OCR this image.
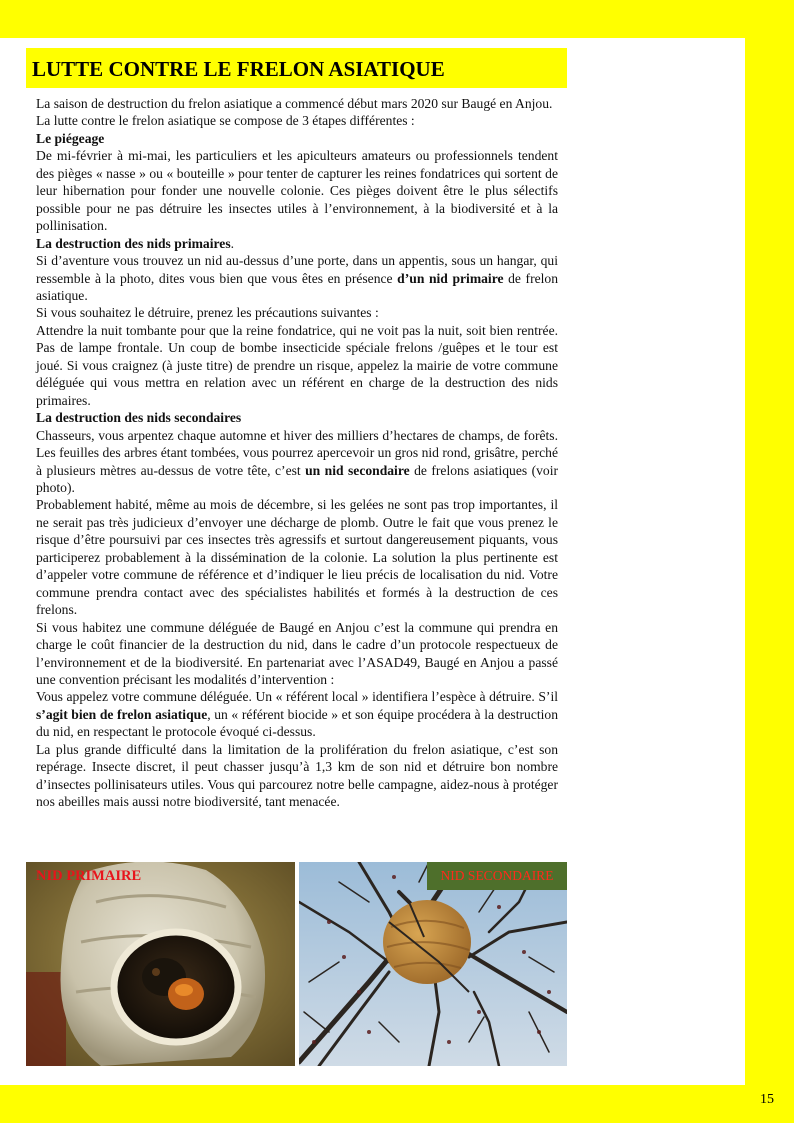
LUTTE CONTRE LE FRELON ASIATIQUE

La saison de destruction du frelon asiatique a commencé début mars 2020 sur Baugé en Anjou.

La lutte contre le frelon asiatique se compose de 3 étapes différentes :

Le piégeage

De mi-février à mi-mai, les particuliers et les apiculteurs amateurs ou professionnels tendent des pièges « nasse » ou « bouteille » pour tenter de capturer les reines fondatrices qui sortent de leur hibernation pour fonder une nouvelle colonie. Ces pièges doivent être le plus sélectifs possible pour ne pas détruire les insectes utiles à l’environnement, à la biodiversité et à la pollinisation.

La destruction des nids primaires.

Si d’aventure vous trouvez un nid au-dessus d’une porte, dans un appentis, sous un hangar, qui ressemble à la photo, dites vous bien que vous êtes en présence d’un nid primaire de frelon asiatique.

Si vous souhaitez le détruire, prenez les précautions suivantes :

Attendre la nuit tombante pour que la reine fondatrice, qui ne voit pas la nuit, soit bien rentrée. Pas de lampe frontale. Un coup de bombe insecticide spéciale frelons /guêpes et le tour est joué. Si vous craignez (à juste titre) de prendre un risque, appelez la mairie de votre commune déléguée qui vous mettra en relation avec un référent en charge de la destruction des nids primaires.

La destruction des nids secondaires

Chasseurs, vous arpentez chaque automne et hiver des milliers d’hectares de champs, de forêts. Les feuilles des arbres étant tombées, vous pourrez apercevoir un gros nid rond, grisâtre, perché à plusieurs mètres au-dessus de votre tête, c’est un nid secondaire de frelons asiatiques (voir photo).

Probablement habité, même au mois de décembre, si les gelées ne sont pas trop importantes, il ne serait pas très judicieux d’envoyer une décharge de plomb. Outre le fait que vous prenez le risque d’être poursuivi par ces insectes très agressifs et surtout dangereusement piquants, vous participerez probablement à la dissémination de la colonie. La solution la plus pertinente est d’appeler votre commune de référence et d’indiquer le lieu précis de localisation du nid. Votre commune prendra contact avec des spécialistes habilités et formés à la destruction de ces frelons.

Si vous habitez une commune déléguée de Baugé en Anjou c’est la commune qui prendra en charge le coût financier de la destruction du nid, dans le cadre d’un protocole respectueux de l’environnement et de la biodiversité. En partenariat avec l’ASAD49, Baugé en Anjou a passé une convention précisant les modalités d’intervention :

Vous appelez votre commune déléguée. Un « référent local » identifiera l’espèce à détruire. S’il s’agit bien de frelon asiatique, un « référent biocide » et son équipe procédera à la destruction du nid, en respectant le protocole évoqué ci-dessus.

La plus grande difficulté dans la limitation de la prolifération du frelon asiatique, c’est son repérage. Insecte discret, il peut chasser jusqu’à 1,3 km de son nid et détruire bon nombre d’insectes pollinisateurs utiles. Vous qui parcourez notre belle campagne, aidez-nous à protéger nos abeilles mais aussi notre biodiversité, tant menacée.

NID PRIMAIRE	NID SECONDAIRE
15
